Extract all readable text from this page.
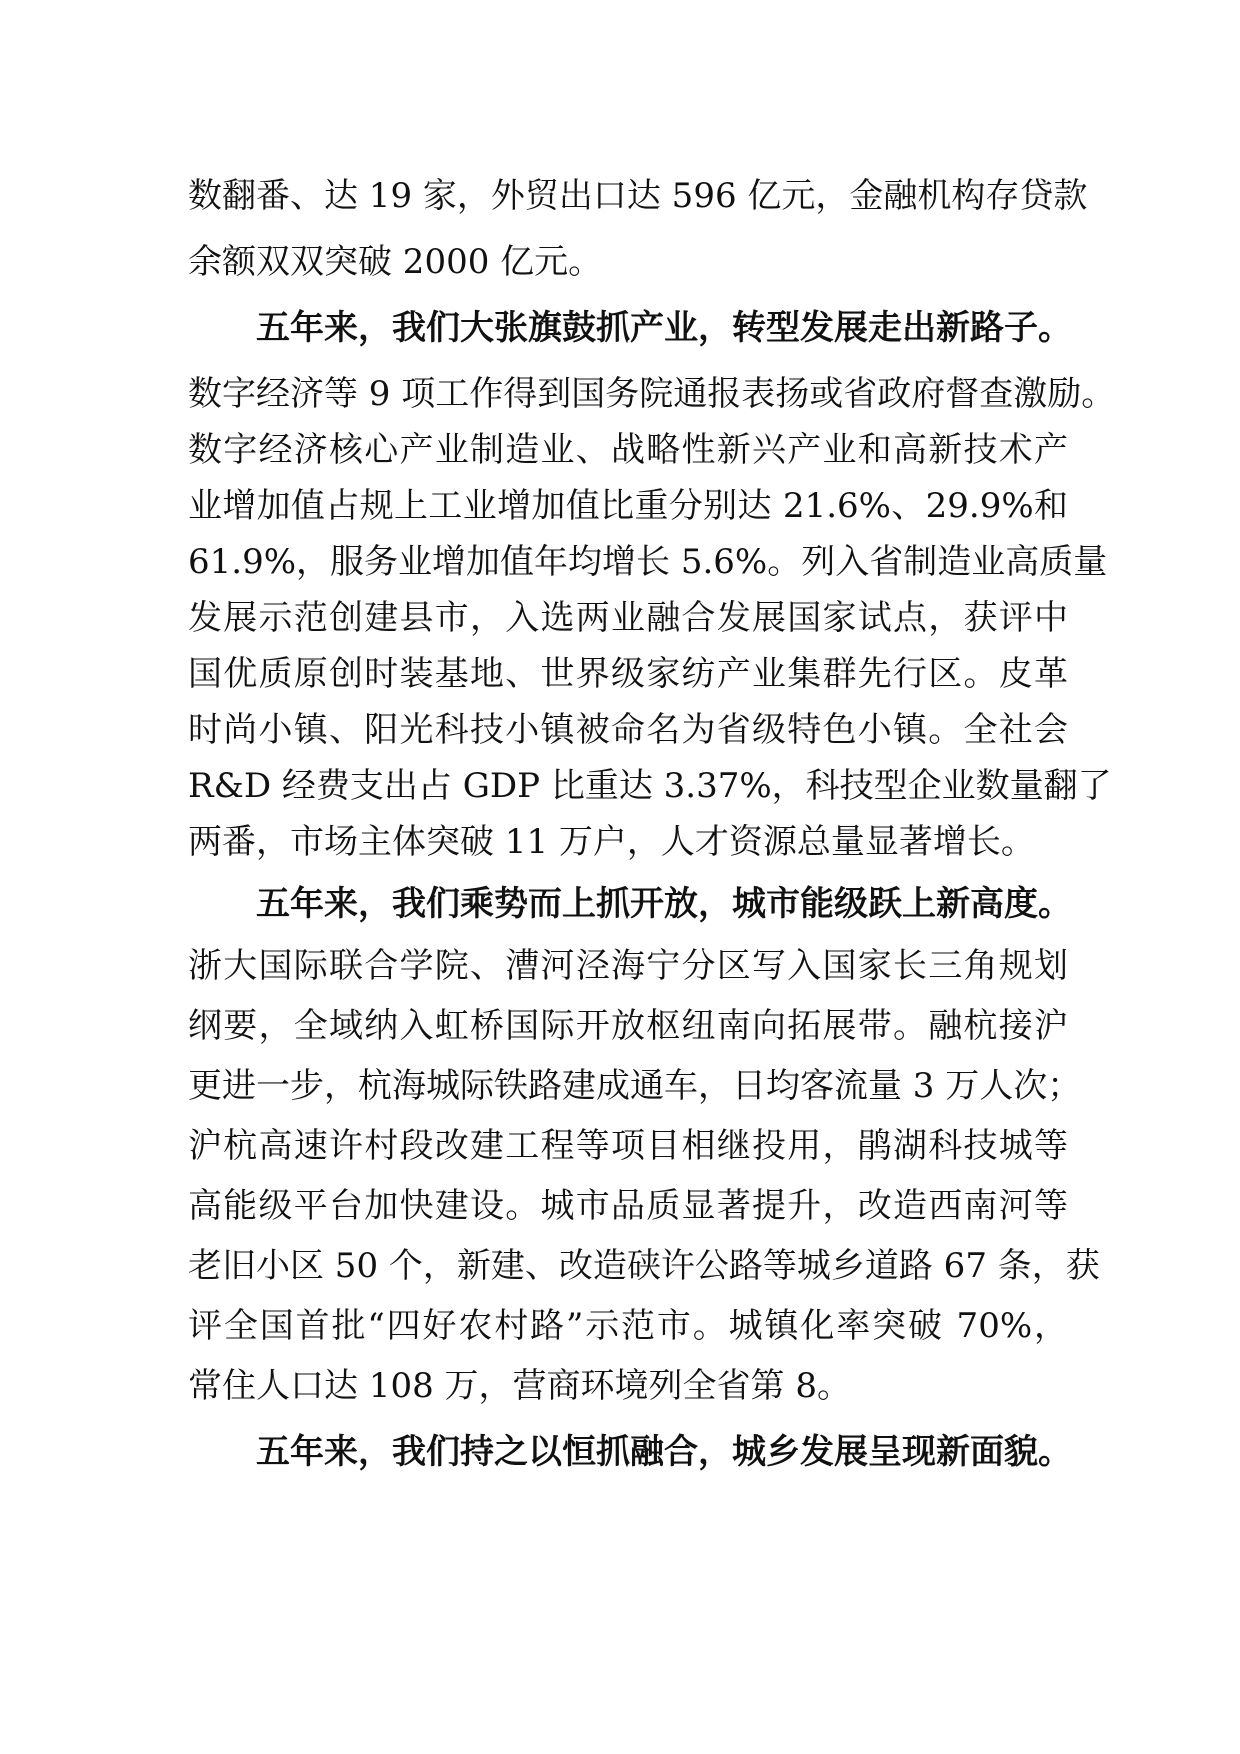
数翻番、达 19 家，外贸出口达 596 亿元，金融机构存贷款
余额双双突破 2000 亿元。
五年来，我们大张旗鼓抓产业，转型发展走出新路子。
数字经济等 9 项工作得到国务院通报表扬或省政府督查激励。
数字经济核心产业制造业、战略性新兴产业和高新技术产
业增加值占规上工业增加值比重分别达 21.6%、29.9%和
61.9%，服务业增加值年均增长 5.6%。列入省制造业高质量
发展示范创建县市，入选两业融合发展国家试点，获评中
国优质原创时装基地、世界级家纺产业集群先行区。皮革
时尚小镇、阳光科技小镇被命名为省级特色小镇。全社会
R&D 经费支出占 GDP 比重达 3.37%，科技型企业数量翻了
两番，市场主体突破 11 万户，人才资源总量显著增长。
五年来，我们乘势而上抓开放，城市能级跃上新高度。
浙大国际联合学院、漕河泾海宁分区写入国家长三角规划
纲要，全域纳入虹桥国际开放枢纽南向拓展带。融杭接沪
更进一步，杭海城际铁路建成通车，日均客流量 3 万人次；
沪杭高速许村段改建工程等项目相继投用，鹃湖科技城等
高能级平台加快建设。城市品质显著提升，改造西南河等
老旧小区 50 个，新建、改造硖许公路等城乡道路 67 条，获
评全国首批“四好农村路”示范市。城镇化率突破 70%，
常住人口达 108 万，营商环境列全省第 8。
五年来，我们持之以恒抓融合，城乡发展呈现新面貌。
